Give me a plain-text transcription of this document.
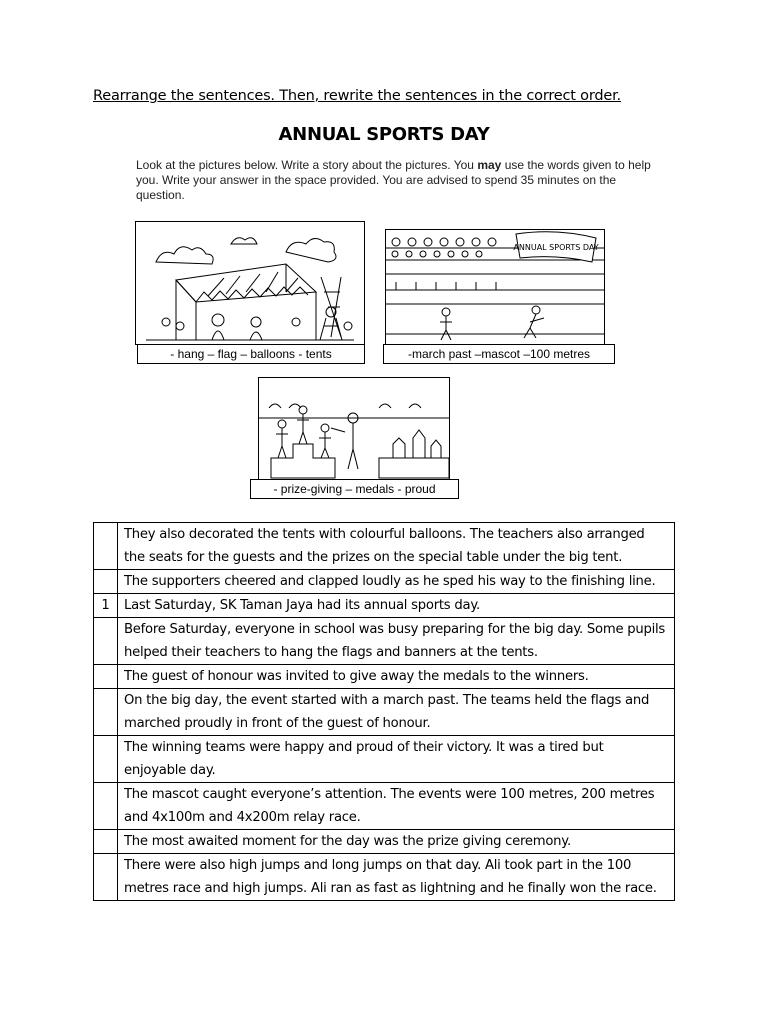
Rearrange the sentences. Then, rewrite the sentences in the correct order.
ANNUAL SPORTS DAY
Look at the pictures below. Write a story about the pictures. You may use the words given to help you. Write your answer in the space provided. You are advised to spend 35 minutes on the question.
- hang – flag – balloons - tents
ANNUAL SPORTS DAY
-march past –mascot –100 metres
- prize-giving – medals - proud
	They also decorated the tents with colourful balloons. The teachers also arranged the seats for the guests and the prizes on the special table under the big tent.
	The supporters cheered and clapped loudly as he sped his way to the finishing line.
1	Last Saturday, SK Taman Jaya had its annual sports day.
	Before Saturday, everyone in school was busy preparing for the big day. Some pupils helped their teachers to hang the flags and banners at the tents.
	The guest of honour was invited to give away the medals to the winners.
	On the big day, the event started with a march past. The teams held the flags and marched proudly in front of the guest of honour.
	The winning teams were happy and proud of their victory. It was a tired but enjoyable day.
	The mascot caught everyone’s attention. The events were 100 metres, 200 metres and 4x100m and 4x200m relay race.
	The most awaited moment for the day was the prize giving ceremony.
	There were also high jumps and long jumps on that day. Ali took part in the 100 metres race and high jumps. Ali ran as fast as lightning and he finally won the race.
